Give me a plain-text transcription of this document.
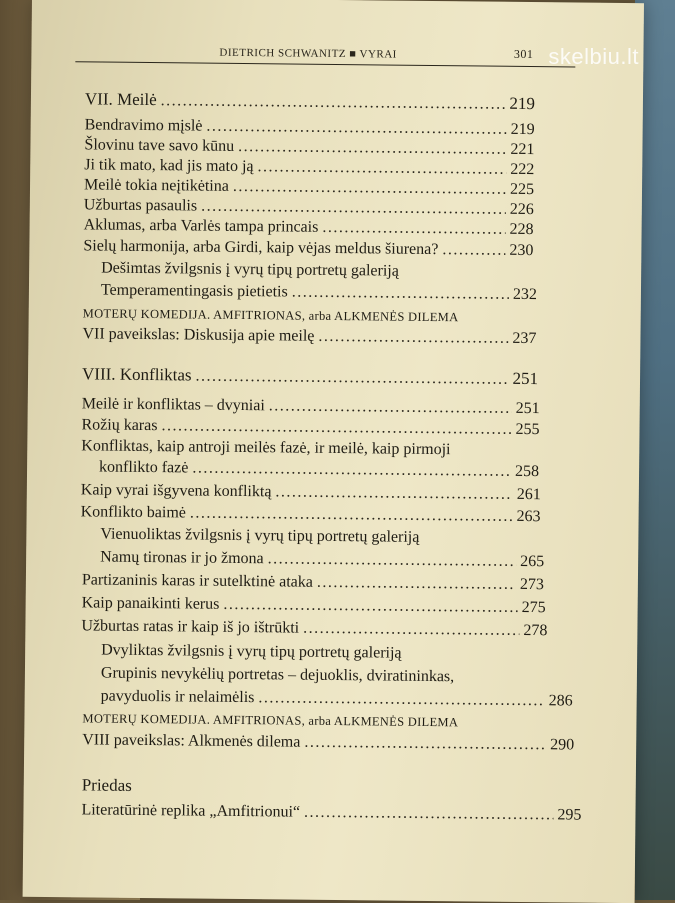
DIETRICH SCHWANITZ ■ VYRAI	301
VII. Meilė .....	219
Bendravimo mįslė .....	219
Šlovinu tave savo kūnu .....	221
Ji tik mato, kad jis mato ją .....	222
Meilė tokia neįtikėtina .....	225
Užburtas pasaulis .....	226
Aklumas, arba Varlės tampa princais .....	228
Sielų harmonija, arba Girdi, kaip vėjas meldus šiurena? .....	230
Dešimtas žvilgsnis į vyrų tipų portretų galeriją
Temperamentingasis pietietis .....	232
MOTERŲ KOMEDIJA. AMFITRIONAS, arba ALKMENĖS DILEMA
VII paveikslas: Diskusija apie meilę .....	237
VIII. Konfliktas .....	251
Meilė ir konfliktas – dvyniai .....	251
Rožių karas .....	255
Konfliktas, kaip antroji meilės fazė, ir meilė, kaip pirmoji
konflikto fazė .....	258
Kaip vyrai išgyvena konfliktą .....	261
Konflikto baimė .....	263
Vienuoliktas žvilgsnis į vyrų tipų portretų galeriją
Namų tironas ir jo žmona .....	265
Partizaninis karas ir sutelktinė ataka .....	273
Kaip panaikinti kerus .....	275
Užburtas ratas ir kaip iš jo ištrūkti .....	278
Dvyliktas žvilgsnis į vyrų tipų portretų galeriją
Grupinis nevykėlių portretas – dejuoklis, dviratininkas,
pavyduolis ir nelaimėlis .....	286
MOTERŲ KOMEDIJA. AMFITRIONAS, arba ALKMENĖS DILEMA
VIII paveikslas: Alkmenės dilema .....	290
Priedas
Literatūrinė replika „Amfitrionui“ .....	295
skelbiu.lt
